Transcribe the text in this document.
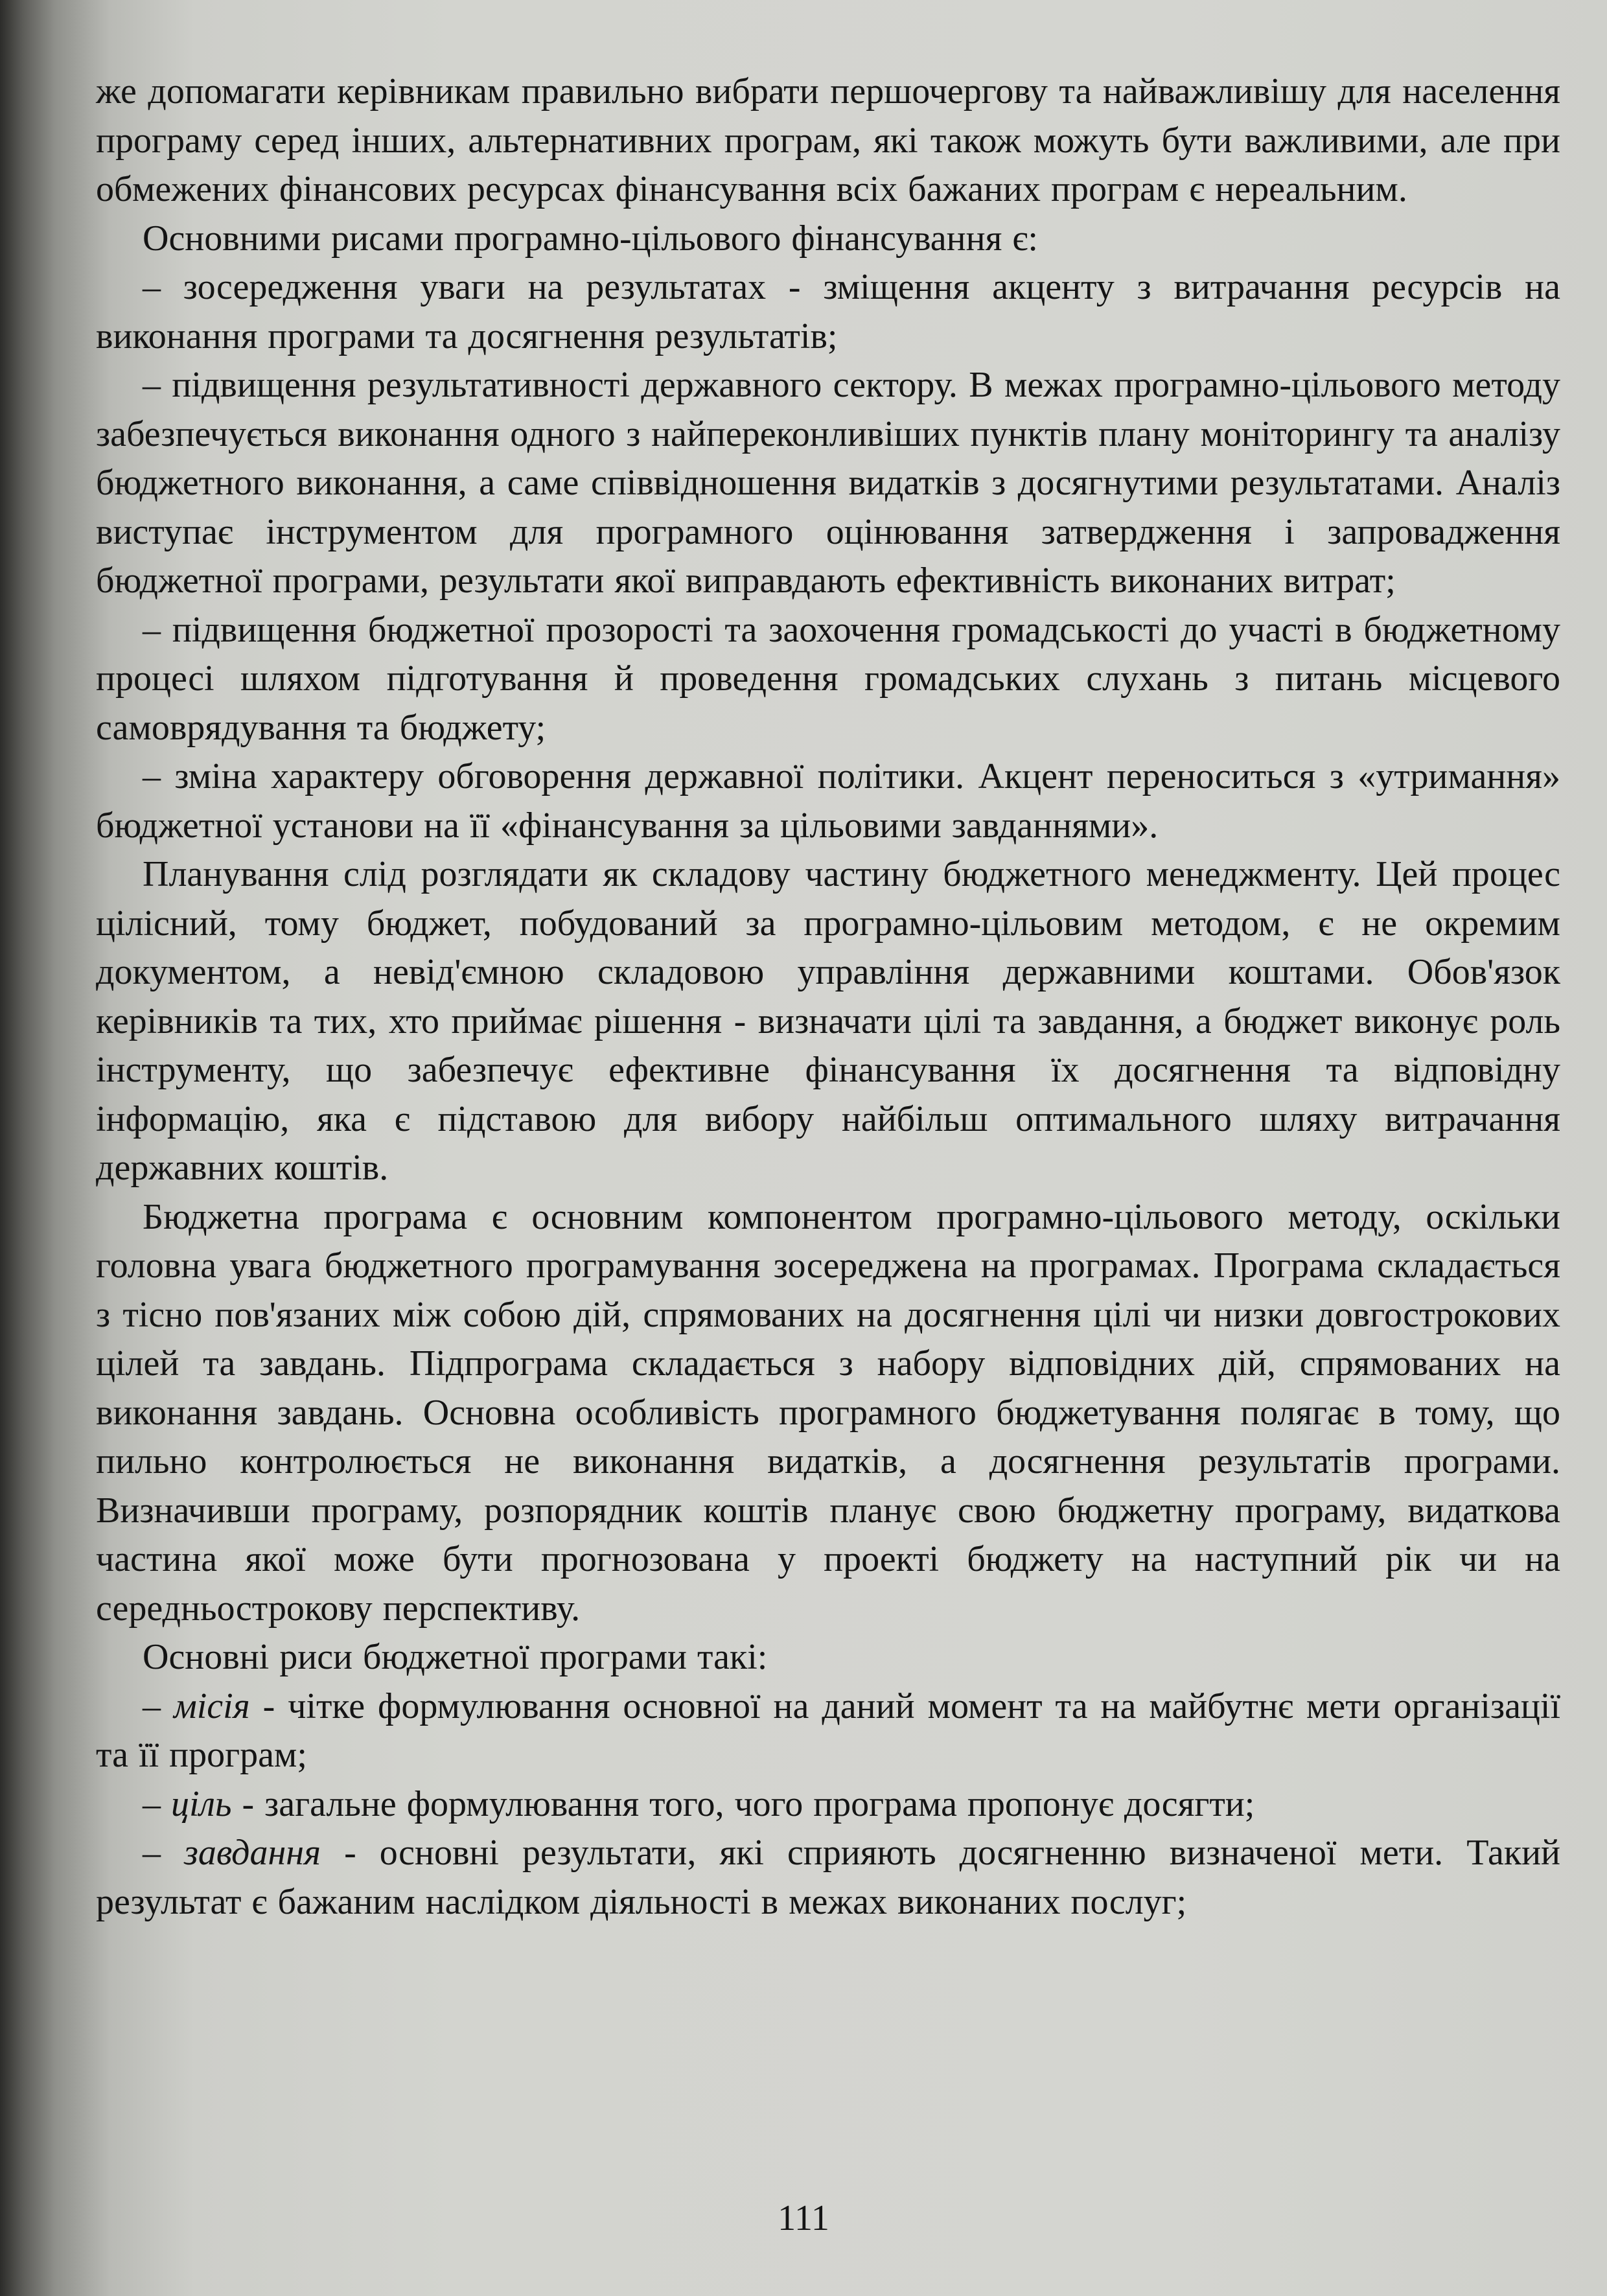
же допомагати керівникам правильно вибрати першочергову та найважливішу для населення програму серед інших, альтернативних програм, які також можуть бути важливими, але при обмежених фінансових ресурсах фінансування всіх бажаних програм є нереальним.

Основними рисами програмно-цільового фінансування є:

– зосередження уваги на результатах - зміщення акценту з витрачання ресурсів на виконання програми та досягнення результатів;

– підвищення результативності державного сектору. В межах програмно-цільового методу забезпечується виконання одного з найпереконливіших пунктів плану моніторингу та аналізу бюджетного виконання, а саме співвідношення видатків з досягнутими результатами. Аналіз виступає інструментом для програмного оцінювання затвердження і запровадження бюджетної програми, результати якої виправдають ефективність виконаних витрат;

– підвищення бюджетної прозорості та заохочення громадськості до участі в бюджетному процесі шляхом підготування й проведення громадських слухань з питань місцевого самоврядування та бюджету;

– зміна характеру обговорення державної політики. Акцент переноситься з «утримання» бюджетної установи на її «фінансування за цільовими завданнями».

Планування слід розглядати як складову частину бюджетного менеджменту. Цей процес цілісний, тому бюджет, побудований за програмно-цільовим методом, є не окремим документом, а невід'ємною складовою управління державними коштами. Обов'язок керівників та тих, хто приймає рішення - визначати цілі та завдання, а бюджет виконує роль інструменту, що забезпечує ефективне фінансування їх досягнення та відповідну інформацію, яка є підставою для вибору найбільш оптимального шляху витрачання державних коштів.

Бюджетна програма є основним компонентом програмно-цільового методу, оскільки головна увага бюджетного програмування зосереджена на програмах. Програма складається з тісно пов'язаних між собою дій, спрямованих на досягнення цілі чи низки довгострокових цілей та завдань. Підпрограма складається з набору відповідних дій, спрямованих на виконання завдань. Основна особливість програмного бюджетування полягає в тому, що пильно контролюється не виконання видатків, а досягнення результатів програми. Визначивши програму, розпорядник коштів планує свою бюджетну програму, видаткова частина якої може бути прогнозована у проекті бюджету на наступний рік чи на середньострокову перспективу.

Основні риси бюджетної програми такі:

– місія - чітке формулювання основної на даний момент та на майбутнє мети організації та її програм;

– ціль - загальне формулювання того, чого програма пропонує досягти;

– завдання - основні результати, які сприяють досягненню визначеної мети. Такий результат є бажаним наслідком діяльності в межах виконаних послуг;

111
